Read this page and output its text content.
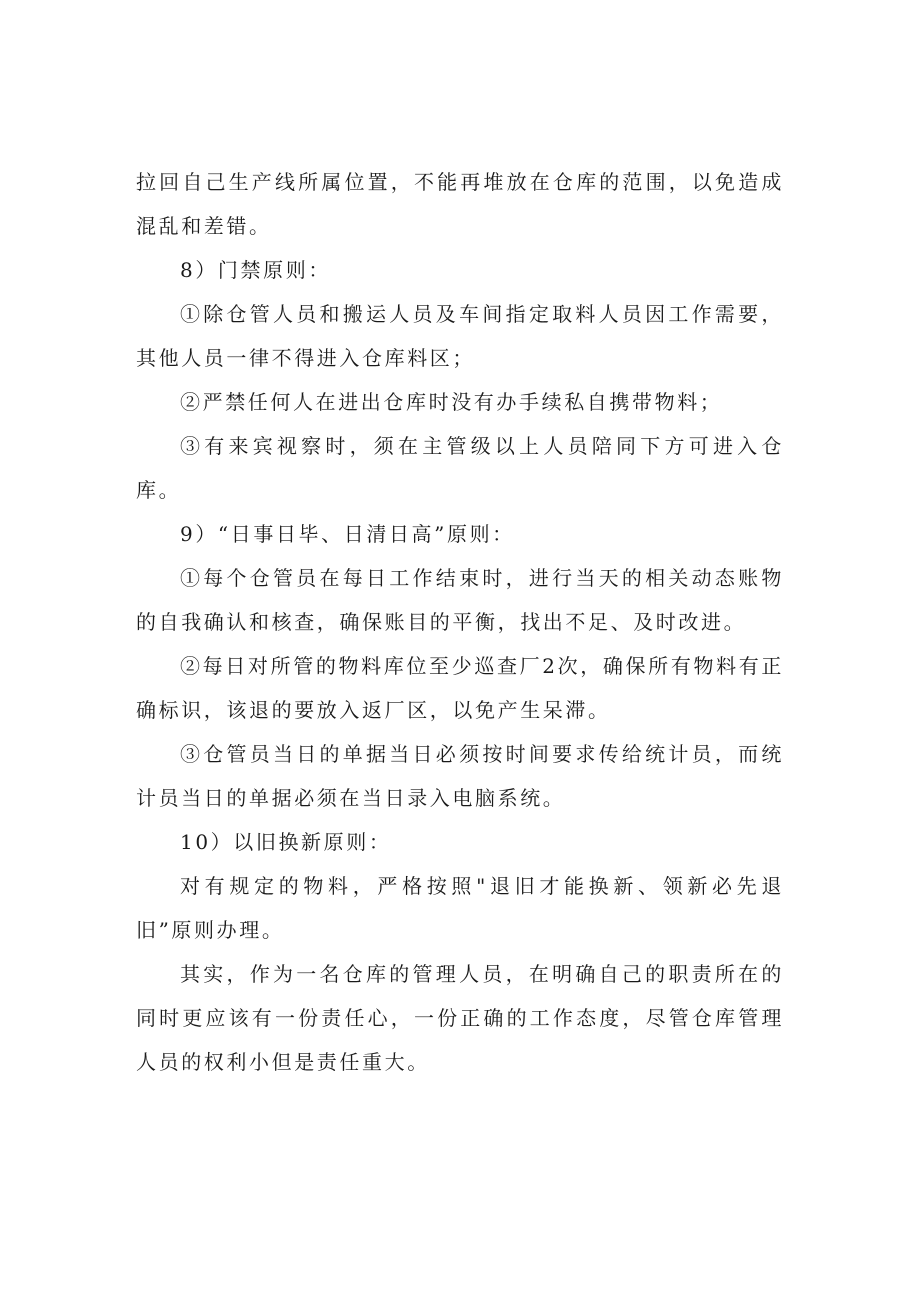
拉回自己生产线所属位置，不能再堆放在仓库的范围，以免造成混乱和差错。

8）门禁原则：

①除仓管人员和搬运人员及车间指定取料人员因工作需要，其他人员一律不得进入仓库料区；

②严禁任何人在进出仓库时没有办手续私自携带物料；

③有来宾视察时，须在主管级以上人员陪同下方可进入仓库。

9）“日事日毕、日清日高”原则：

①每个仓管员在每日工作结束时，进行当天的相关动态账物的自我确认和核查，确保账目的平衡，找出不足、及时改进。

②每日对所管的物料库位至少巡查厂2次，确保所有物料有正确标识，该退的要放入返厂区，以免产生呆滞。

③仓管员当日的单据当日必须按时间要求传给统计员，而统计员当日的单据必须在当日录入电脑系统。

10）以旧换新原则：

对有规定的物料，严格按照"退旧才能换新、领新必先退旧”原则办理。

其实，作为一名仓库的管理人员，在明确自己的职责所在的同时更应该有一份责任心，一份正确的工作态度，尽管仓库管理人员的权利小但是责任重大。
